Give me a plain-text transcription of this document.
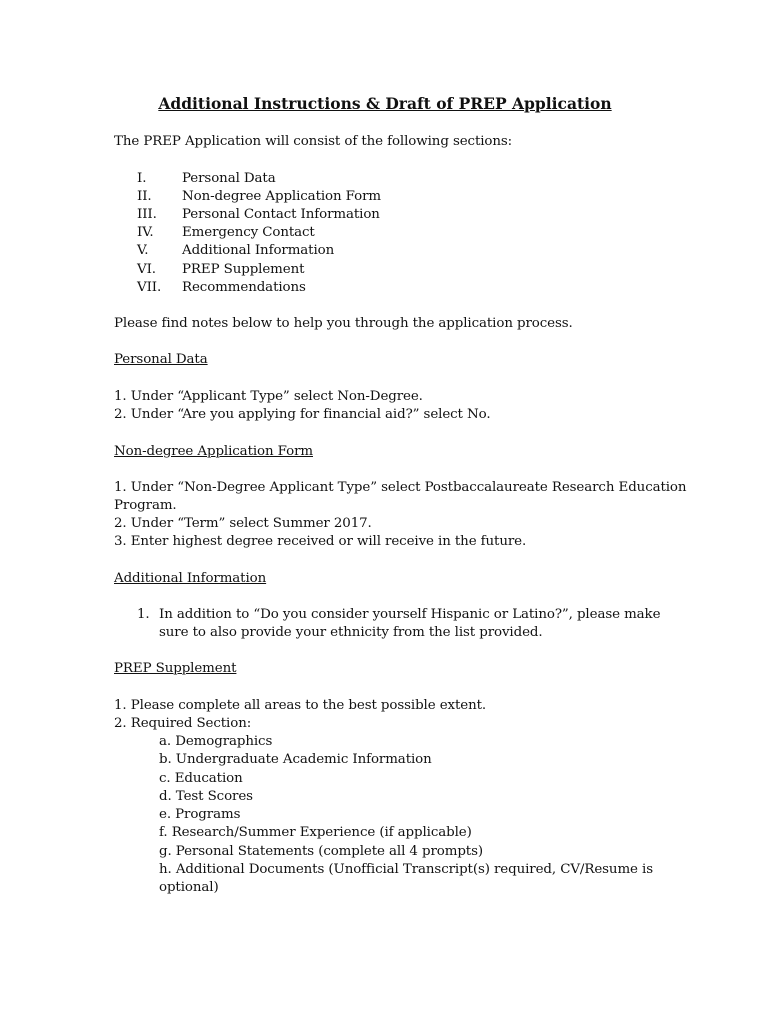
Additional Instructions & Draft of PREP Application
The PREP Application will consist of the following sections:
I.	Personal Data
II. Non-degree Application Form
III. Personal Contact Information
IV. Emergency Contact
V.	Additional Information
VI. PREP Supplement
VII. Recommendations
Please find notes below to help you through the application process.
Personal Data
1. Under “Applicant Type” select Non-Degree.
2. Under “Are you applying for financial aid?” select No.
Non-degree Application Form
1. Under “Non-Degree Applicant Type” select Postbaccalaureate Research Education
Program.
2. Under “Term” select Summer 2017.
3. Enter highest degree received or will receive in the future.
Additional Information
1. In addition to “Do you consider yourself Hispanic or Latino?”, please make
sure to also provide your ethnicity from the list provided.
PREP Supplement
1. Please complete all areas to the best possible extent.
2. Required Section:
a. Demographics
b. Undergraduate Academic Information
c. Education
d. Test Scores
e. Programs
f. Research/Summer Experience (if applicable)
g. Personal Statements (complete all 4 prompts)
h. Additional Documents (Unofficial Transcript(s) required, CV/Resume is
optional)
